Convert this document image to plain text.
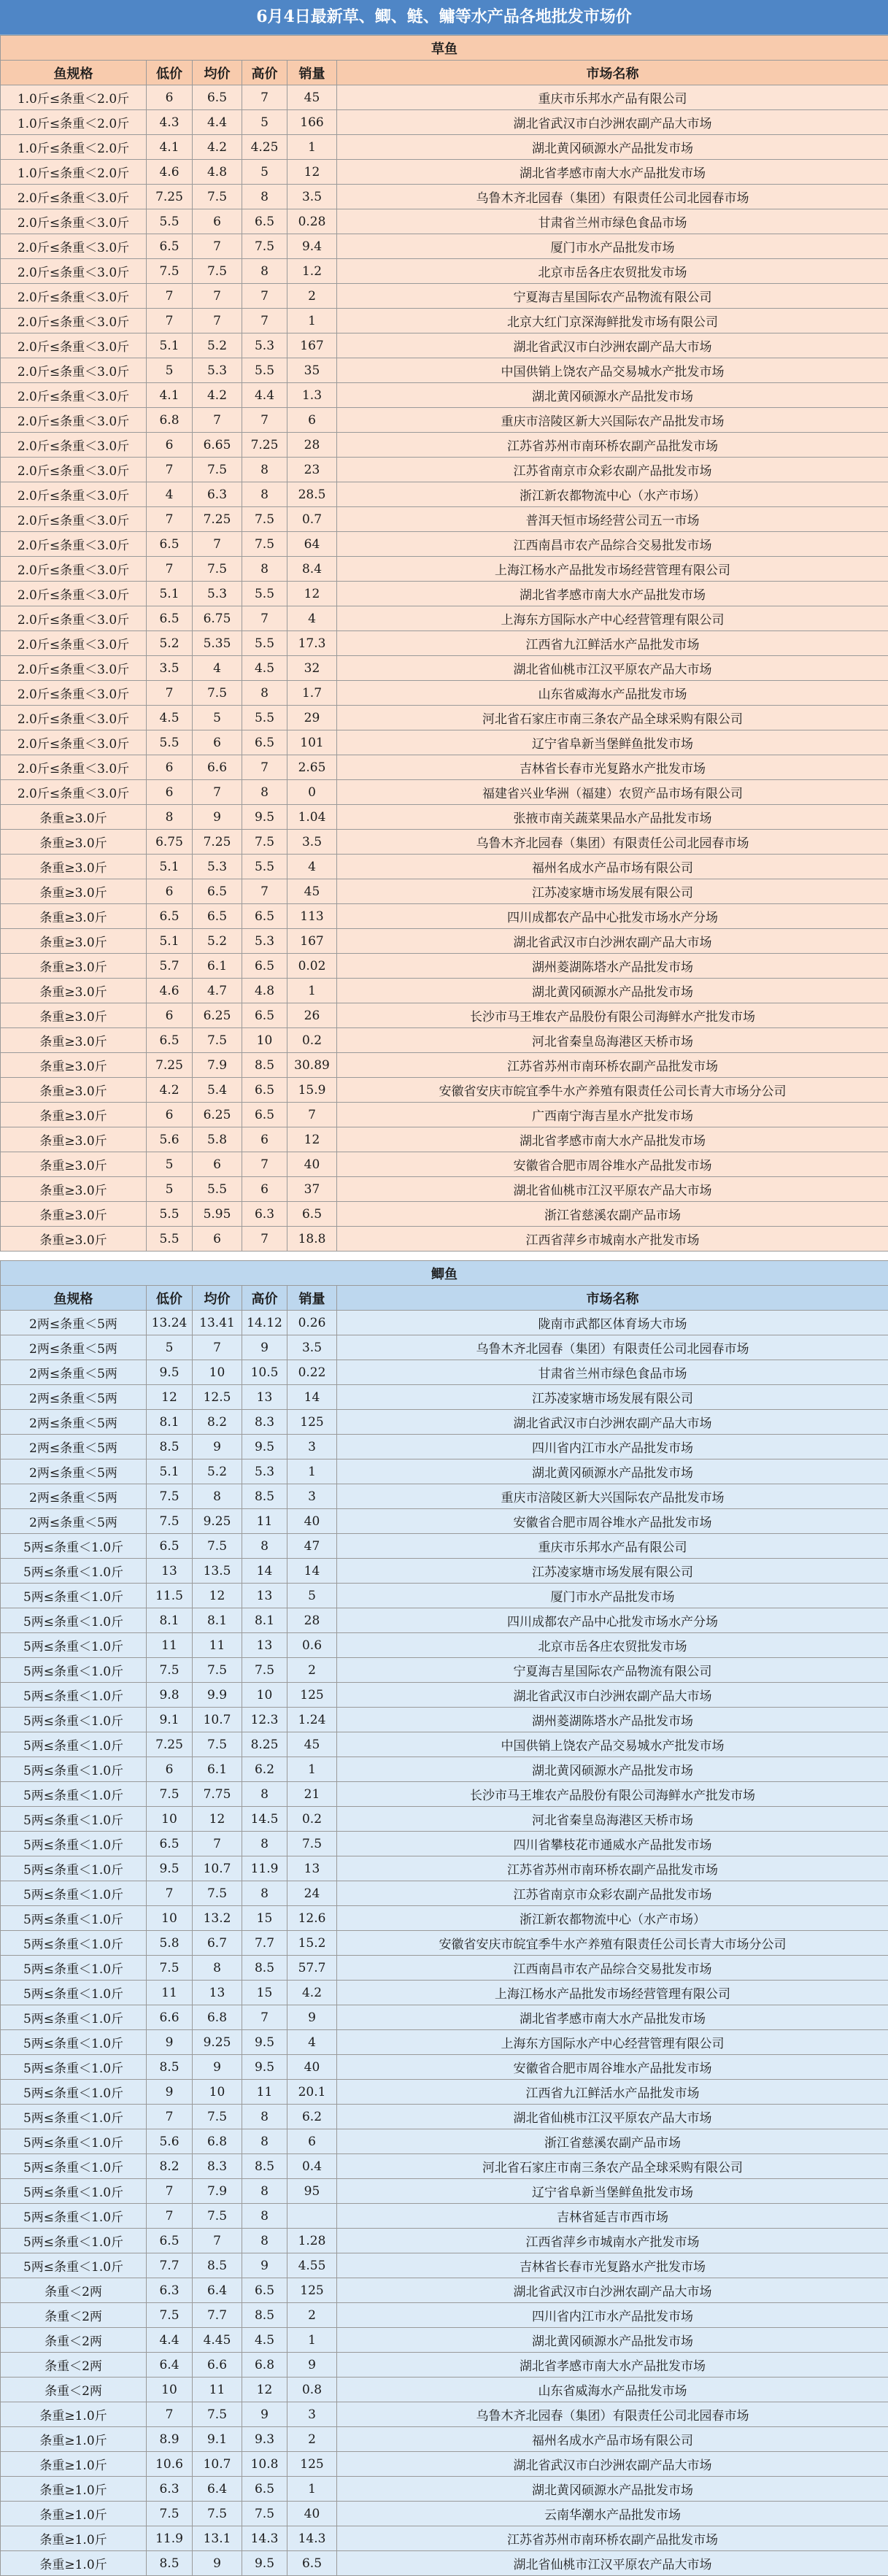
6月4日最新草、鲫、鲢、鳙等水产品各地批发市场价
草鱼					
鱼规格	低价	均价	高价	销量	市场名称
1.0斤≤条重＜2.0斤	6	6.5	7	45	重庆市乐邦水产品有限公司
1.0斤≤条重＜2.0斤	4.3	4.4	5	166	湖北省武汉市白沙洲农副产品大市场
1.0斤≤条重＜2.0斤	4.1	4.2	4.25	1	湖北黄冈硕源水产品批发市场
1.0斤≤条重＜2.0斤	4.6	4.8	5	12	湖北省孝感市南大水产品批发市场
2.0斤≤条重＜3.0斤	7.25	7.5	8	3.5	乌鲁木齐北园春（集团）有限责任公司北园春市场
2.0斤≤条重＜3.0斤	5.5	6	6.5	0.28	甘肃省兰州市绿色食品市场
2.0斤≤条重＜3.0斤	6.5	7	7.5	9.4	厦门市水产品批发市场
2.0斤≤条重＜3.0斤	7.5	7.5	8	1.2	北京市岳各庄农贸批发市场
2.0斤≤条重＜3.0斤	7	7	7	2	宁夏海吉星国际农产品物流有限公司
2.0斤≤条重＜3.0斤	7	7	7	1	北京大红门京深海鲜批发市场有限公司
2.0斤≤条重＜3.0斤	5.1	5.2	5.3	167	湖北省武汉市白沙洲农副产品大市场
2.0斤≤条重＜3.0斤	5	5.3	5.5	35	中国供销上饶农产品交易城水产批发市场
2.0斤≤条重＜3.0斤	4.1	4.2	4.4	1.3	湖北黄冈硕源水产品批发市场
2.0斤≤条重＜3.0斤	6.8	7	7	6	重庆市涪陵区新大兴国际农产品批发市场
2.0斤≤条重＜3.0斤	6	6.65	7.25	28	江苏省苏州市南环桥农副产品批发市场
2.0斤≤条重＜3.0斤	7	7.5	8	23	江苏省南京市众彩农副产品批发市场
2.0斤≤条重＜3.0斤	4	6.3	8	28.5	浙江新农都物流中心（水产市场）
2.0斤≤条重＜3.0斤	7	7.25	7.5	0.7	普洱天恒市场经营公司五一市场
2.0斤≤条重＜3.0斤	6.5	7	7.5	64	江西南昌市农产品综合交易批发市场
2.0斤≤条重＜3.0斤	7	7.5	8	8.4	上海江杨水产品批发市场经营管理有限公司
2.0斤≤条重＜3.0斤	5.1	5.3	5.5	12	湖北省孝感市南大水产品批发市场
2.0斤≤条重＜3.0斤	6.5	6.75	7	4	上海东方国际水产中心经营管理有限公司
2.0斤≤条重＜3.0斤	5.2	5.35	5.5	17.3	江西省九江鲜活水产品批发市场
2.0斤≤条重＜3.0斤	3.5	4	4.5	32	湖北省仙桃市江汉平原农产品大市场
2.0斤≤条重＜3.0斤	7	7.5	8	1.7	山东省威海水产品批发市场
2.0斤≤条重＜3.0斤	4.5	5	5.5	29	河北省石家庄市南三条农产品全球采购有限公司
2.0斤≤条重＜3.0斤	5.5	6	6.5	101	辽宁省阜新当堡鲜鱼批发市场
2.0斤≤条重＜3.0斤	6	6.6	7	2.65	吉林省长春市光复路水产批发市场
2.0斤≤条重＜3.0斤	6	7	8	0	福建省兴业华洲（福建）农贸产品市场有限公司
条重≥3.0斤	8	9	9.5	1.04	张掖市南关蔬菜果品水产品批发市场
条重≥3.0斤	6.75	7.25	7.5	3.5	乌鲁木齐北园春（集团）有限责任公司北园春市场
条重≥3.0斤	5.1	5.3	5.5	4	福州名成水产品市场有限公司
条重≥3.0斤	6	6.5	7	45	江苏凌家塘市场发展有限公司
条重≥3.0斤	6.5	6.5	6.5	113	四川成都农产品中心批发市场水产分场
条重≥3.0斤	5.1	5.2	5.3	167	湖北省武汉市白沙洲农副产品大市场
条重≥3.0斤	5.7	6.1	6.5	0.02	湖州菱湖陈塔水产品批发市场
条重≥3.0斤	4.6	4.7	4.8	1	湖北黄冈硕源水产品批发市场
条重≥3.0斤	6	6.25	6.5	26	长沙市马王堆农产品股份有限公司海鲜水产批发市场
条重≥3.0斤	6.5	7.5	10	0.2	河北省秦皇岛海港区天桥市场
条重≥3.0斤	7.25	7.9	8.5	30.89	江苏省苏州市南环桥农副产品批发市场
条重≥3.0斤	4.2	5.4	6.5	15.9	安徽省安庆市皖宜季牛水产养殖有限责任公司长青大市场分公司
条重≥3.0斤	6	6.25	6.5	7	广西南宁海吉星水产批发市场
条重≥3.0斤	5.6	5.8	6	12	湖北省孝感市南大水产品批发市场
条重≥3.0斤	5	6	7	40	安徽省合肥市周谷堆水产品批发市场
条重≥3.0斤	5	5.5	6	37	湖北省仙桃市江汉平原农产品大市场
条重≥3.0斤	5.5	5.95	6.3	6.5	浙江省慈溪农副产品市场
条重≥3.0斤	5.5	6	7	18.8	江西省萍乡市城南水产批发市场
鲫鱼					
鱼规格	低价	均价	高价	销量	市场名称
2两≤条重＜5两	13.24	13.41	14.12	0.26	陇南市武都区体育场大市场
2两≤条重＜5两	5	7	9	3.5	乌鲁木齐北园春（集团）有限责任公司北园春市场
2两≤条重＜5两	9.5	10	10.5	0.22	甘肃省兰州市绿色食品市场
2两≤条重＜5两	12	12.5	13	14	江苏凌家塘市场发展有限公司
2两≤条重＜5两	8.1	8.2	8.3	125	湖北省武汉市白沙洲农副产品大市场
2两≤条重＜5两	8.5	9	9.5	3	四川省内江市水产品批发市场
2两≤条重＜5两	5.1	5.2	5.3	1	湖北黄冈硕源水产品批发市场
2两≤条重＜5两	7.5	8	8.5	3	重庆市涪陵区新大兴国际农产品批发市场
2两≤条重＜5两	7.5	9.25	11	40	安徽省合肥市周谷堆水产品批发市场
5两≤条重＜1.0斤	6.5	7.5	8	47	重庆市乐邦水产品有限公司
5两≤条重＜1.0斤	13	13.5	14	14	江苏凌家塘市场发展有限公司
5两≤条重＜1.0斤	11.5	12	13	5	厦门市水产品批发市场
5两≤条重＜1.0斤	8.1	8.1	8.1	28	四川成都农产品中心批发市场水产分场
5两≤条重＜1.0斤	11	11	13	0.6	北京市岳各庄农贸批发市场
5两≤条重＜1.0斤	7.5	7.5	7.5	2	宁夏海吉星国际农产品物流有限公司
5两≤条重＜1.0斤	9.8	9.9	10	125	湖北省武汉市白沙洲农副产品大市场
5两≤条重＜1.0斤	9.1	10.7	12.3	1.24	湖州菱湖陈塔水产品批发市场
5两≤条重＜1.0斤	7.25	7.5	8.25	45	中国供销上饶农产品交易城水产批发市场
5两≤条重＜1.0斤	6	6.1	6.2	1	湖北黄冈硕源水产品批发市场
5两≤条重＜1.0斤	7.5	7.75	8	21	长沙市马王堆农产品股份有限公司海鲜水产批发市场
5两≤条重＜1.0斤	10	12	14.5	0.2	河北省秦皇岛海港区天桥市场
5两≤条重＜1.0斤	6.5	7	8	7.5	四川省攀枝花市通威水产品批发市场
5两≤条重＜1.0斤	9.5	10.7	11.9	13	江苏省苏州市南环桥农副产品批发市场
5两≤条重＜1.0斤	7	7.5	8	24	江苏省南京市众彩农副产品批发市场
5两≤条重＜1.0斤	10	13.2	15	12.6	浙江新农都物流中心（水产市场）
5两≤条重＜1.0斤	5.8	6.7	7.7	15.2	安徽省安庆市皖宜季牛水产养殖有限责任公司长青大市场分公司
5两≤条重＜1.0斤	7.5	8	8.5	57.7	江西南昌市农产品综合交易批发市场
5两≤条重＜1.0斤	11	13	15	4.2	上海江杨水产品批发市场经营管理有限公司
5两≤条重＜1.0斤	6.6	6.8	7	9	湖北省孝感市南大水产品批发市场
5两≤条重＜1.0斤	9	9.25	9.5	4	上海东方国际水产中心经营管理有限公司
5两≤条重＜1.0斤	8.5	9	9.5	40	安徽省合肥市周谷堆水产品批发市场
5两≤条重＜1.0斤	9	10	11	20.1	江西省九江鲜活水产品批发市场
5两≤条重＜1.0斤	7	7.5	8	6.2	湖北省仙桃市江汉平原农产品大市场
5两≤条重＜1.0斤	5.6	6.8	8	6	浙江省慈溪农副产品市场
5两≤条重＜1.0斤	8.2	8.3	8.5	0.4	河北省石家庄市南三条农产品全球采购有限公司
5两≤条重＜1.0斤	7	7.9	8	95	辽宁省阜新当堡鲜鱼批发市场
5两≤条重＜1.0斤	7	7.5	8		吉林省延吉市西市场
5两≤条重＜1.0斤	6.5	7	8	1.28	江西省萍乡市城南水产批发市场
5两≤条重＜1.0斤	7.7	8.5	9	4.55	吉林省长春市光复路水产批发市场
条重＜2两	6.3	6.4	6.5	125	湖北省武汉市白沙洲农副产品大市场
条重＜2两	7.5	7.7	8.5	2	四川省内江市水产品批发市场
条重＜2两	4.4	4.45	4.5	1	湖北黄冈硕源水产品批发市场
条重＜2两	6.4	6.6	6.8	9	湖北省孝感市南大水产品批发市场
条重＜2两	10	11	12	0.8	山东省威海水产品批发市场
条重≥1.0斤	7	7.5	9	3	乌鲁木齐北园春（集团）有限责任公司北园春市场
条重≥1.0斤	8.9	9.1	9.3	2	福州名成水产品市场有限公司
条重≥1.0斤	10.6	10.7	10.8	125	湖北省武汉市白沙洲农副产品大市场
条重≥1.0斤	6.3	6.4	6.5	1	湖北黄冈硕源水产品批发市场
条重≥1.0斤	7.5	7.5	7.5	40	云南华潮水产品批发市场
条重≥1.0斤	11.9	13.1	14.3	14.3	江苏省苏州市南环桥农副产品批发市场
条重≥1.0斤	8.5	9	9.5	6.5	湖北省仙桃市江汉平原农产品大市场
